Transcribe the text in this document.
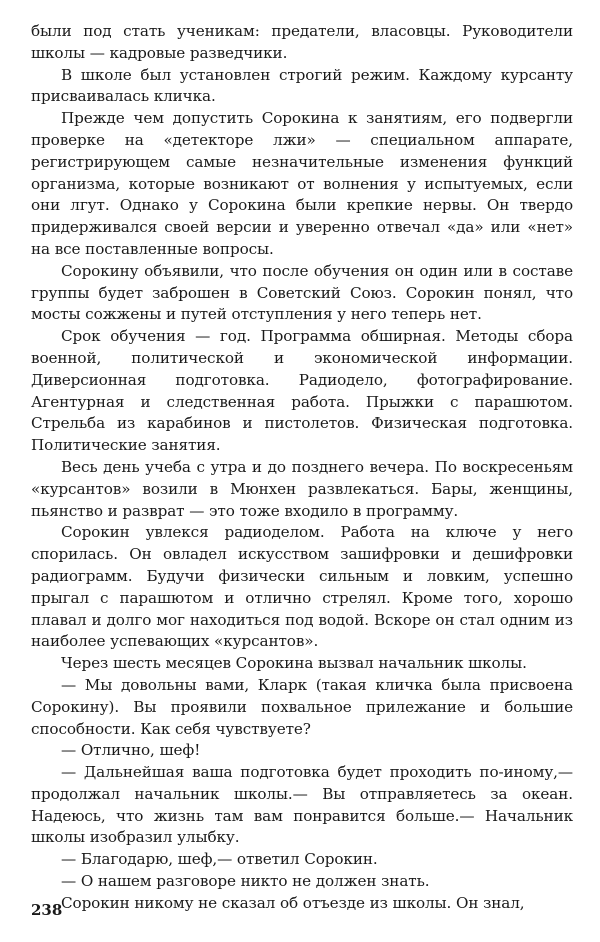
были под стать ученикам: предатели, власовцы. Руководители школы — кадровые разведчики.

В школе был установлен строгий режим. Каждому курсанту присваивалась кличка.

Прежде чем допустить Сорокина к занятиям, его подвергли проверке на «детекторе лжи» — специальном аппарате, регистрирующем самые незначительные изменения функций организма, которые возникают от волнения у испытуемых, если они лгут. Однако у Сорокина были крепкие нервы. Он твердо придерживался своей версии и уверенно отвечал «да» или «нет» на все поставленные вопросы.

Сорокину объявили, что после обучения он один или в составе группы будет заброшен в Советский Союз. Сорокин понял, что мосты сожжены и путей отступления у него теперь нет.

Срок обучения — год. Программа обширная. Методы сбора военной, политической и экономической информации. Диверсионная подготовка. Радиодело, фотографирование. Агентурная и следственная работа. Прыжки с парашютом. Стрельба из карабинов и пистолетов. Физическая подготовка. Политические занятия.

Весь день учеба с утра и до позднего вечера. По воскресеньям «курсантов» возили в Мюнхен развлекаться. Бары, женщины, пьянство и разврат — это тоже входило в программу.

Сорокин увлекся радиоделом. Работа на ключе у него спорилась. Он овладел искусством зашифровки и дешифровки радиограмм. Будучи физически сильным и ловким, успешно прыгал с парашютом и отлично стрелял. Кроме того, хорошо плавал и долго мог находиться под водой. Вскоре он стал одним из наиболее успевающих «курсантов».

Через шесть месяцев Сорокина вызвал начальник школы.

— Мы довольны вами, Кларк (такая кличка была присвоена Сорокину). Вы проявили похвальное прилежание и большие способности. Как себя чувствуете?

— Отлично, шеф!

— Дальнейшая ваша подготовка будет проходить по-иному,— продолжал начальник школы.— Вы отправляетесь за океан. Надеюсь, что жизнь там вам понравится больше.— Начальник школы изобразил улыбку.

— Благодарю, шеф,— ответил Сорокин.

— О нашем разговоре никто не должен знать.

Сорокин никому не сказал об отъезде из школы. Он знал,

238
